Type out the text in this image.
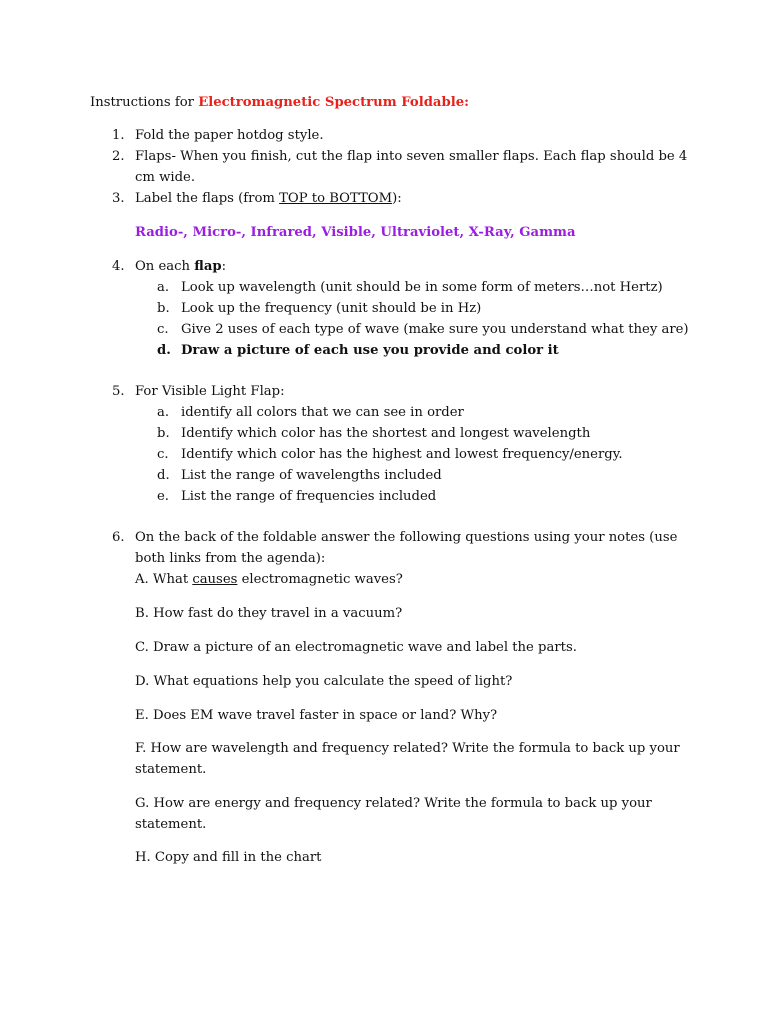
Instructions for Electromagnetic Spectrum Foldable:
1. Fold the paper hotdog style.
2. Flaps- When you finish, cut the flap into seven smaller flaps. Each flap should be 4
cm wide.
3. Label the flaps (from TOP to BOTTOM):
Radio-, Micro-, Infrared, Visible, Ultraviolet, X-Ray, Gamma
4. On each flap:
a. Look up wavelength (unit should be in some form of meters…not Hertz)
b. Look up the frequency (unit should be in Hz)
c. Give 2 uses of each type of wave (make sure you understand what they are)
d. Draw a picture of each use you provide and color it
5. For Visible Light Flap:
a. identify all colors that we can see in order
b. Identify which color has the shortest and longest wavelength
c. Identify which color has the highest and lowest frequency/energy.
d. List the range of wavelengths included
e. List the range of frequencies included
6. On the back of the foldable answer the following questions using your notes (use
both links from the agenda):
A. What causes electromagnetic waves?
B. How fast do they travel in a vacuum?
C. Draw a picture of an electromagnetic wave and label the parts.
D. What equations help you calculate the speed of light?
E. Does EM wave travel faster in space or land? Why?
F. How are wavelength and frequency related? Write the formula to back up your
statement.
G. How are energy and frequency related? Write the formula to back up your
statement.
H. Copy and fill in the chart
